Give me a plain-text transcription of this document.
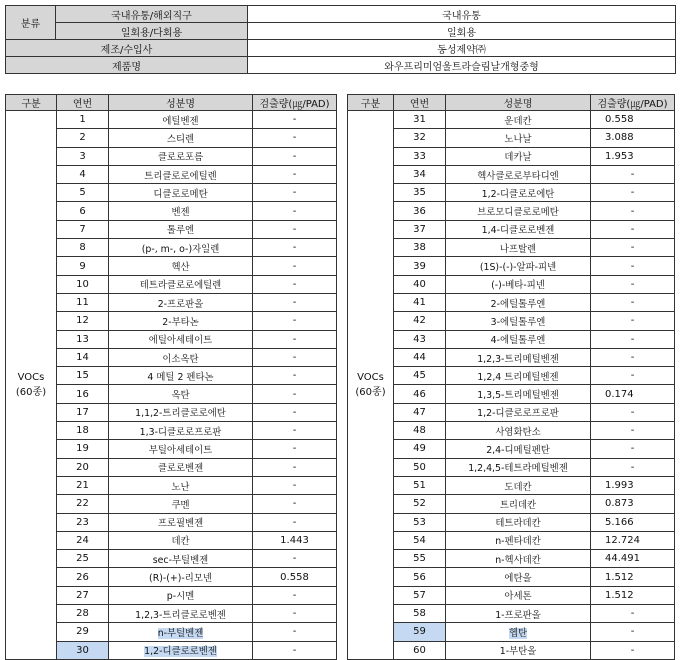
분류	국내유통/해외직구	국내유통
	일회용/다회용	일회용
제조/수입사		동성제약㈜
제품명		와우프리미엄울트라슬림날개형중형
구분	연번	성분명	검출량(㎍/PAD)
VOCs
(60종)	1	에틸벤젠	-
	2	스티렌	-
	3	클로로포름	-
	4	트리클로로에틸렌	-
	5	디클로로메탄	-
	6	벤젠	-
	7	톨루엔	-
	8	(p-, m-, o-)자일렌	-
	9	헥산	-
	10	테트라클로로에틸렌	-
	11	2-프로판올	-
	12	2-부타논	-
	13	에틸아세테이트	-
	14	이소옥탄	-
	15	4 메틸 2 펜타논	-
	16	옥탄	-
	17	1,1,2-트리클로로에탄	-
	18	1,3-디클로로프로판	-
	19	부틸아세테이트	-
	20	클로로벤젠	-
	21	노난	-
	22	쿠멘	-
	23	프로필벤젠	-
	24	데칸	1.443
	25	sec-부틸벤젠	-
	26	(R)-(+)-리모넨	0.558
	27	p-시멘	-
	28	1,2,3-트리클로로벤젠	-
	29	n-부틸벤젠	-
	30	1,2-디클로로벤젠	-
구분	연번	성분명	검출량(㎍/PAD)
VOCs
(60종)	31	운데칸	0.558
	32	노나날	3.088
	33	데카날	1.953
	34	헥사클로로부타디엔	-
	35	1,2-디클로로에탄	-
	36	브로모디클로로메탄	-
	37	1,4-디클로로벤젠	-
	38	나프탈렌	-
	39	(1S)-(-)-알파-피넨	-
	40	(-)-베타-피넨	-
	41	2-에틸톨루엔	-
	42	3-에틸톨루엔	-
	43	4-에틸톨루엔	-
	44	1,2,3-트리메틸벤젠	-
	45	1,2,4 트리메틸벤젠	-
	46	1,3,5-트리메틸벤젠	0.174
	47	1,2-디클로로프로판	-
	48	사염화탄소	-
	49	2,4-디메틸펜탄	-
	50	1,2,4,5-테트라메틸벤젠	-
	51	도데칸	1.993
	52	트리데칸	0.873
	53	테트라데칸	5.166
	54	n-펜타데칸	12.724
	55	n-헥사데칸	44.491
	56	에탄올	1.512
	57	아세톤	1.512
	58	1-프로판올	-
	59	헵탄	-
	60	1-부탄올	-
